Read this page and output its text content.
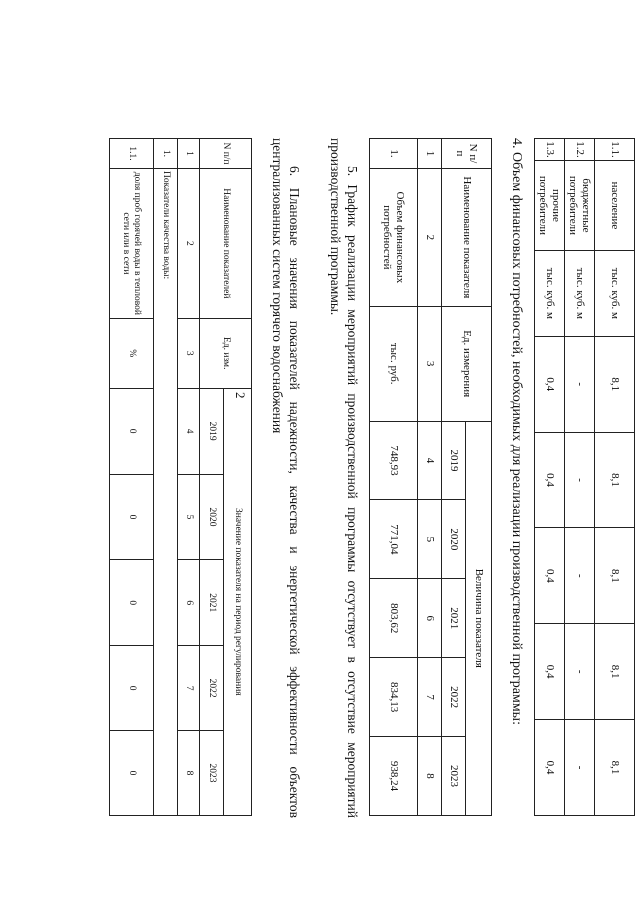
2
1.1.	население	тыс. куб. м	8,1	8,1	8,1	8,1	8,1
1.2.	бюджетные потребители	тыс. куб. м	-	-	-	-	-
1.3.	прочие потребители	тыс. куб. м	0,4	0,4	0,4	0,4	0,4

4. Объем финансовых потребностей, необходимых для реализации производственной программы:

N п/п	Наименование показателя	Ед. измерения	Величина показателя				
			2019	2020	2021	2022	2023
1	2	3	4	5	6	7	8
1.	Объем финансовых потребностей	тыс. руб.	748,93	771,04	803,62	834,13	938,24
5.
График
реализации
мероприятий
производственной
программы
отсутствует
в
отсутствие
мероприятий
производственной программы.
6.
Плановые
значения
показателей
надежности,
качества
и
энергетической
эффективности
объектов
централизованных систем горячего водоснабжения
N п/п	Наименование показателей	Ед. изм.	Значение показателя на период регулирования				
			2019	2020	2021	2022	2023
1	2	3	4	5	6	7	8
1.	Показатели качества воды:						
1.1.	доля проб горячей воды в тепловой сети или в сети	%	0	0	0	0	0
